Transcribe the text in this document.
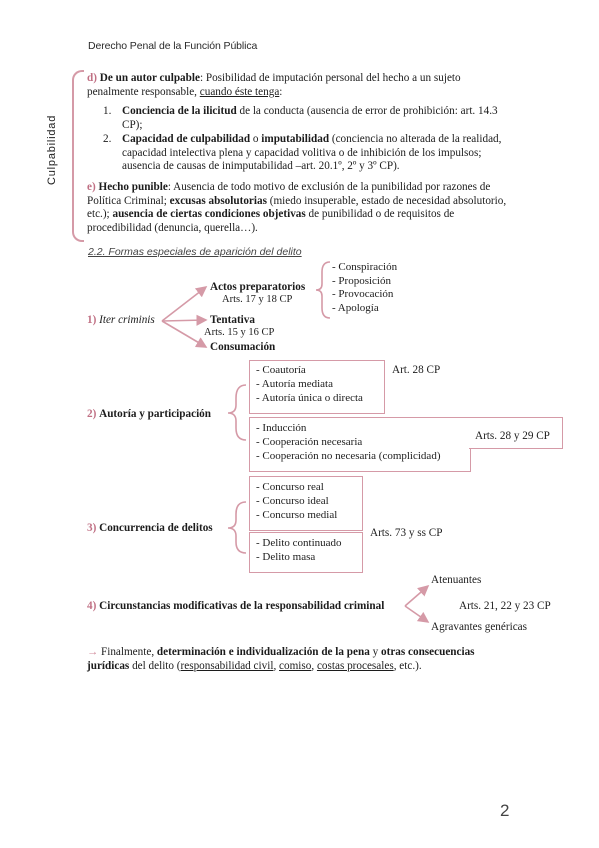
Derecho Penal de la Función Pública
Culpabilidad
d) De un autor culpable: Posibilidad de imputación personal del hecho a un sujeto penalmente responsable, cuando éste tenga:
1. Conciencia de la ilicitud de la conducta (ausencia de error de prohibición: art. 14.3 CP);
2. Capacidad de culpabilidad o imputabilidad (conciencia no alterada de la realidad, capacidad intelectiva plena y capacidad volitiva o de inhibición de los impulsos; ausencia de causas de inimputabilidad –art. 20.1º, 2º y 3º CP).
e) Hecho punible: Ausencia de todo motivo de exclusión de la punibilidad por razones de Política Criminal; excusas absolutorias (miedo insuperable, estado de necesidad absolutorio, etc.); ausencia de ciertas condiciones objetivas de punibilidad o de requisitos de procedibilidad (denuncia, querella…).
2.2. Formas especiales de aparición del delito
1) Iter criminis
Actos preparatorios
Arts. 17 y 18 CP
- Conspiración
- Proposición
- Provocación
- Apología
Tentativa
Arts. 15 y 16 CP
Consumación
2) Autoría y participación
- Coautoría
- Autoría mediata
- Autoría única o directa
Art. 28 CP
- Inducción
- Cooperación necesaria
- Cooperación no necesaria (complicidad)
Arts. 28 y 29 CP
3) Concurrencia de delitos
- Concurso real
- Concurso ideal
- Concurso medial
- Delito continuado
- Delito masa
Arts. 73 y ss CP
4) Circunstancias modificativas de la responsabilidad criminal
Atenuantes
Agravantes genéricas
Arts. 21, 22 y 23 CP
→ Finalmente, determinación e individualización de la pena y otras consecuencias jurídicas del delito (responsabilidad civil, comiso, costas procesales, etc.).
2
